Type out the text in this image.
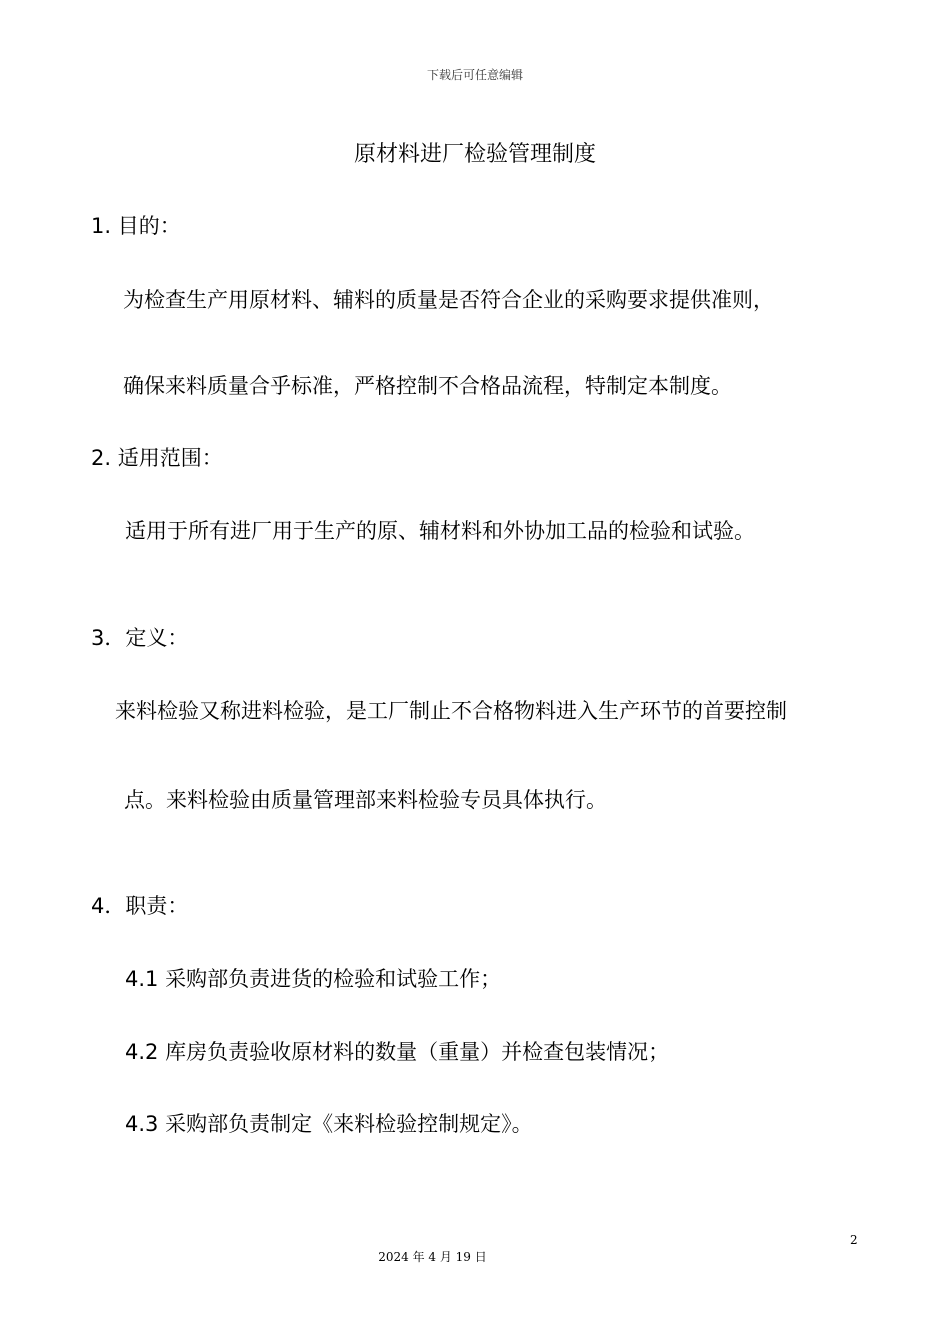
下载后可任意编辑
原材料进厂检验管理制度
1. 目的：
为检查生产用原材料、辅料的质量是否符合企业的采购要求提供准则，
确保来料质量合乎标准，严格控制不合格品流程，特制定本制度。
2. 适用范围：
适用于所有进厂用于生产的原、辅材料和外协加工品的检验和试验。
3．定义：
来料检验又称进料检验，是工厂制止不合格物料进入生产环节的首要控制
点。来料检验由质量管理部来料检验专员具体执行。
4．职责：
4.1 采购部负责进货的检验和试验工作；
4.2 库房负责验收原材料的数量（重量）并检查包装情况；
4.3 采购部负责制定《来料检验控制规定》。
2
2024 年 4 月 19 日
